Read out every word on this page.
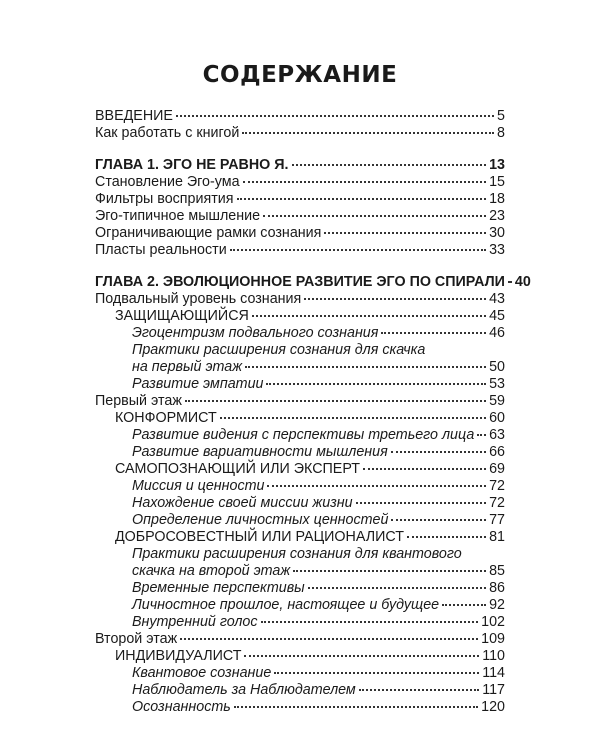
СОДЕРЖАНИЕ
ВВЕДЕНИЕ	5
Как работать с книгой	8
ГЛАВА 1. ЭГО НЕ РАВНО Я.	13
Становление Эго-ума	15
Фильтры восприятия	18
Эго-типичное мышление	23
Ограничивающие рамки сознания	30
Пласты реальности	33
ГЛАВА 2. ЭВОЛЮЦИОННОЕ РАЗВИТИЕ ЭГО ПО СПИРАЛИ 40
Подвальный уровень сознания	43
ЗАЩИЩАЮЩИЙСЯ	45
Эгоцентризм подвального сознания	46
Практики расширения сознания для скачка
на первый этаж	50
Развитие эмпатии	53
Первый этаж	59
КОНФОРМИСТ	60
Развитие видения с перспективы третьего лица 63
Развитие вариативности мышления	66
САМОПОЗНАЮЩИЙ ИЛИ ЭКСПЕРТ	69
Миссия и ценности	72
Нахождение своей миссии жизни	72
Определение личностных ценностей	77
ДОБРОСОВЕСТНЫЙ ИЛИ РАЦИОНАЛИСТ	81
Практики расширения сознания для квантового
скачка на второй этаж	85
Временные перспективы	86
Личностное прошлое, настоящее и будущее	92
Внутренний голос	102
Второй этаж	109
ИНДИВИДУАЛИСТ	110
Квантовое сознание	114
Наблюдатель за Наблюдателем	117
Осознанность	120
